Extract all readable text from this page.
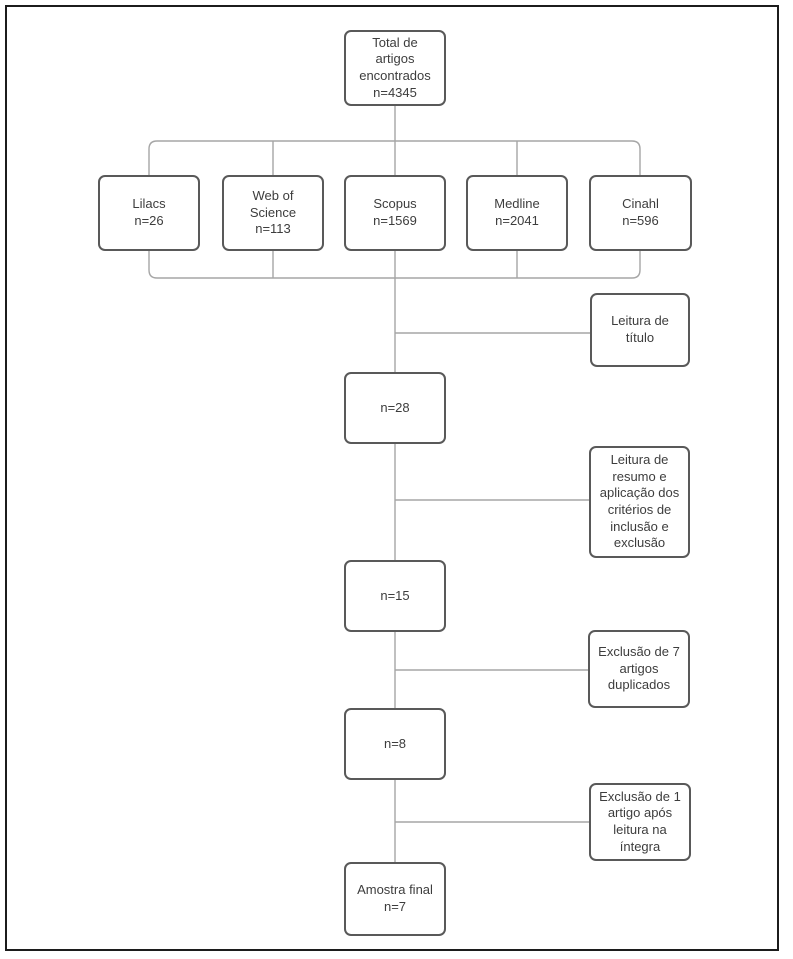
Total de artigos encontrados
n=4345
Lilacs
n=26
Web of Science
n=113
Scopus
n=1569
Medline
n=2041
Cinahl
n=596
Leitura de título
n=28
Leitura de resumo e aplicação dos critérios de inclusão e exclusão
n=15
Exclusão de 7 artigos duplicados
n=8
Exclusão de 1 artigo após leitura na íntegra
Amostra final
n=7
